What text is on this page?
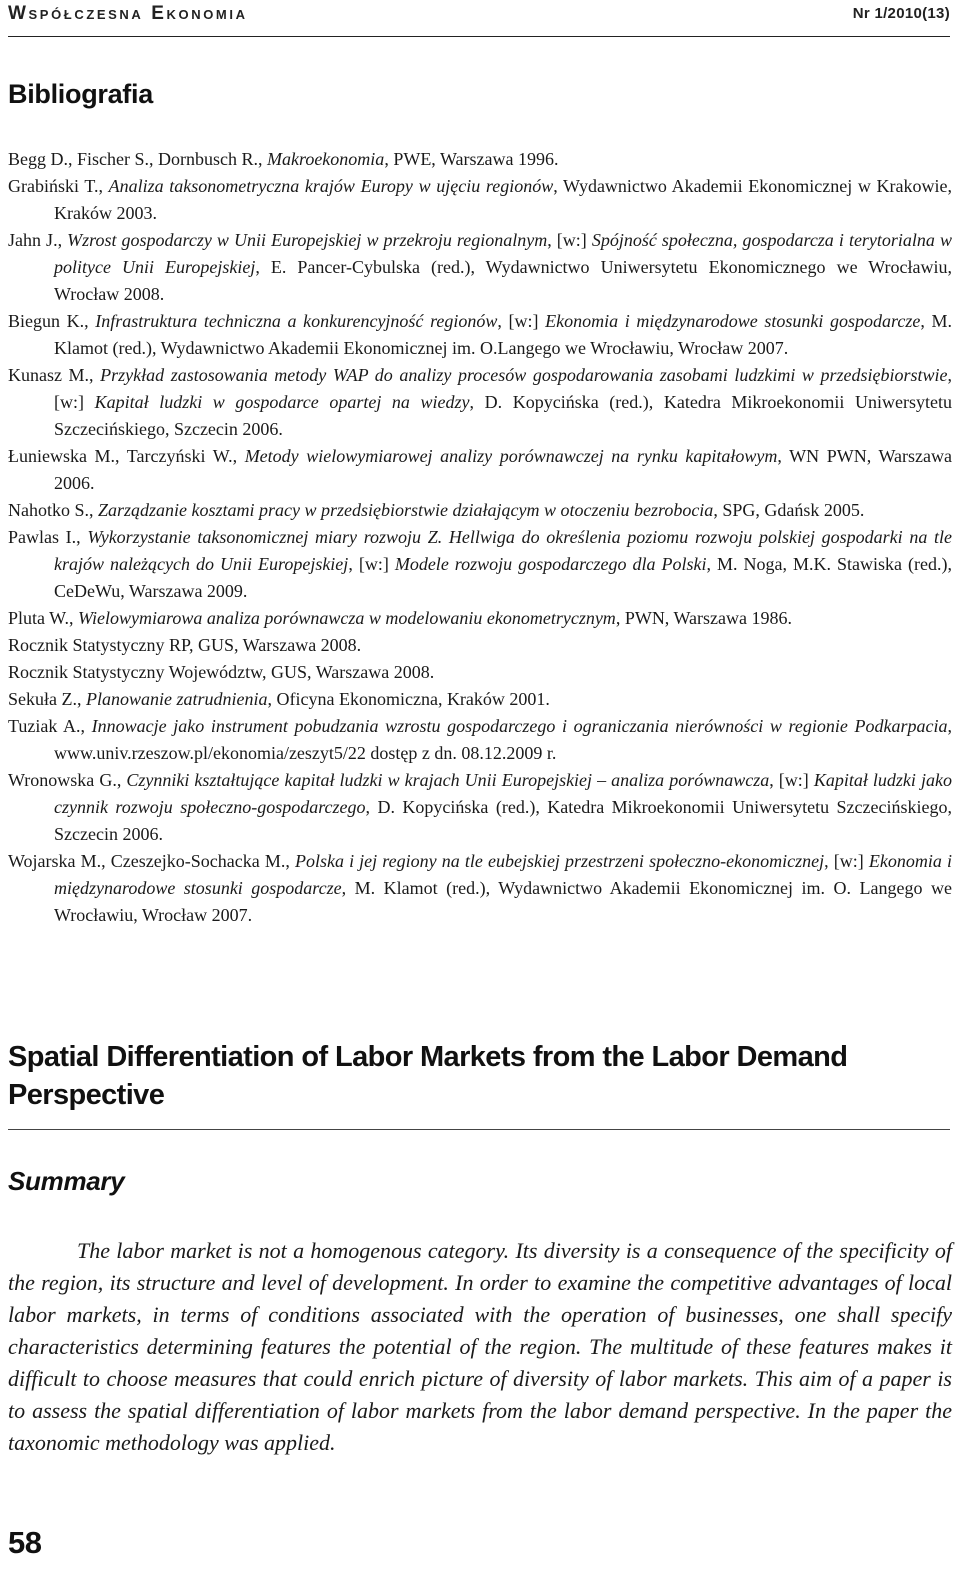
Współczesna Ekonomia	Nr 1/2010(13)
Bibliografia
Begg D., Fischer S., Dornbusch R., Makroekonomia, PWE, Warszawa 1996.
Grabiński T., Analiza taksonometryczna krajów Europy w ujęciu regionów, Wydawnictwo Akademii Ekonomicznej w Krakowie, Kraków 2003.
Jahn J., Wzrost gospodarczy w Unii Europejskiej w przekroju regionalnym, [w:] Spójność społeczna, gospodarcza i terytorialna w polityce Unii Europejskiej, E. Pancer-Cybulska (red.), Wydawnictwo Uniwersytetu Ekonomicznego we Wrocławiu, Wrocław 2008.
Biegun K., Infrastruktura techniczna a konkurencyjność regionów, [w:] Ekonomia i międzynarodowe stosunki gospodarcze, M. Klamot (red.), Wydawnictwo Akademii Ekonomicznej im. O.Langego we Wrocławiu, Wrocław 2007.
Kunasz M., Przykład zastosowania metody WAP do analizy procesów gospodarowania zasobami ludzkimi w przedsiębiorstwie, [w:] Kapitał ludzki w gospodarce opartej na wiedzy, D. Kopycińska (red.), Katedra Mikroekonomii Uniwersytetu Szczecińskiego, Szczecin 2006.
Łuniewska M., Tarczyński W., Metody wielowymiarowej analizy porównawczej na rynku kapitałowym, WN PWN, Warszawa 2006.
Nahotko S., Zarządzanie kosztami pracy w przedsiębiorstwie działającym w otoczeniu bezrobocia, SPG, Gdańsk 2005.
Pawlas I., Wykorzystanie taksonomicznej miary rozwoju Z. Hellwiga do określenia poziomu rozwoju polskiej gospodarki na tle krajów należących do Unii Europejskiej, [w:] Modele rozwoju gospodarczego dla Polski, M. Noga, M.K. Stawiska (red.), CeDeWu, Warszawa 2009.
Pluta W., Wielowymiarowa analiza porównawcza w modelowaniu ekonometrycznym, PWN, Warszawa 1986.
Rocznik Statystyczny RP, GUS, Warszawa 2008.
Rocznik Statystyczny Województw, GUS, Warszawa 2008.
Sekuła Z., Planowanie zatrudnienia, Oficyna Ekonomiczna, Kraków 2001.
Tuziak A., Innowacje jako instrument pobudzania wzrostu gospodarczego i ograniczania nierówności w regionie Podkarpacia, www.univ.rzeszow.pl/ekonomia/zeszyt5/22 dostęp z dn. 08.12.2009 r.
Wronowska G., Czynniki kształtujące kapitał ludzki w krajach Unii Europejskiej – analiza porównawcza, [w:] Kapitał ludzki jako czynnik rozwoju społeczno-gospodarczego, D. Kopycińska (red.), Katedra Mikroekonomii Uniwersytetu Szczecińskiego, Szczecin 2006.
Wojarska M., Czeszejko-Sochacka M., Polska i jej regiony na tle eubejskiej przestrzeni społeczno-ekonomicznej, [w:] Ekonomia i międzynarodowe stosunki gospodarcze, M. Klamot (red.), Wydawnictwo Akademii Ekonomicznej im. O. Langego we Wrocławiu, Wrocław 2007.
Spatial Differentiation of Labor Markets from the Labor Demand Perspective
Summary

The labor market is not a homogenous category. Its diversity is a consequence of the specificity of the region, its structure and level of development. In order to examine the competitive advantages of local labor markets, in terms of conditions associated with the operation of businesses, one shall specify characteristics determining features the potential of the region. The multitude of these features makes it difficult to choose measures that could enrich picture of diversity of labor markets. This aim of a paper is to assess the spatial differentiation of labor markets from the labor demand perspective. In the paper the taxonomic methodology was applied.

58
